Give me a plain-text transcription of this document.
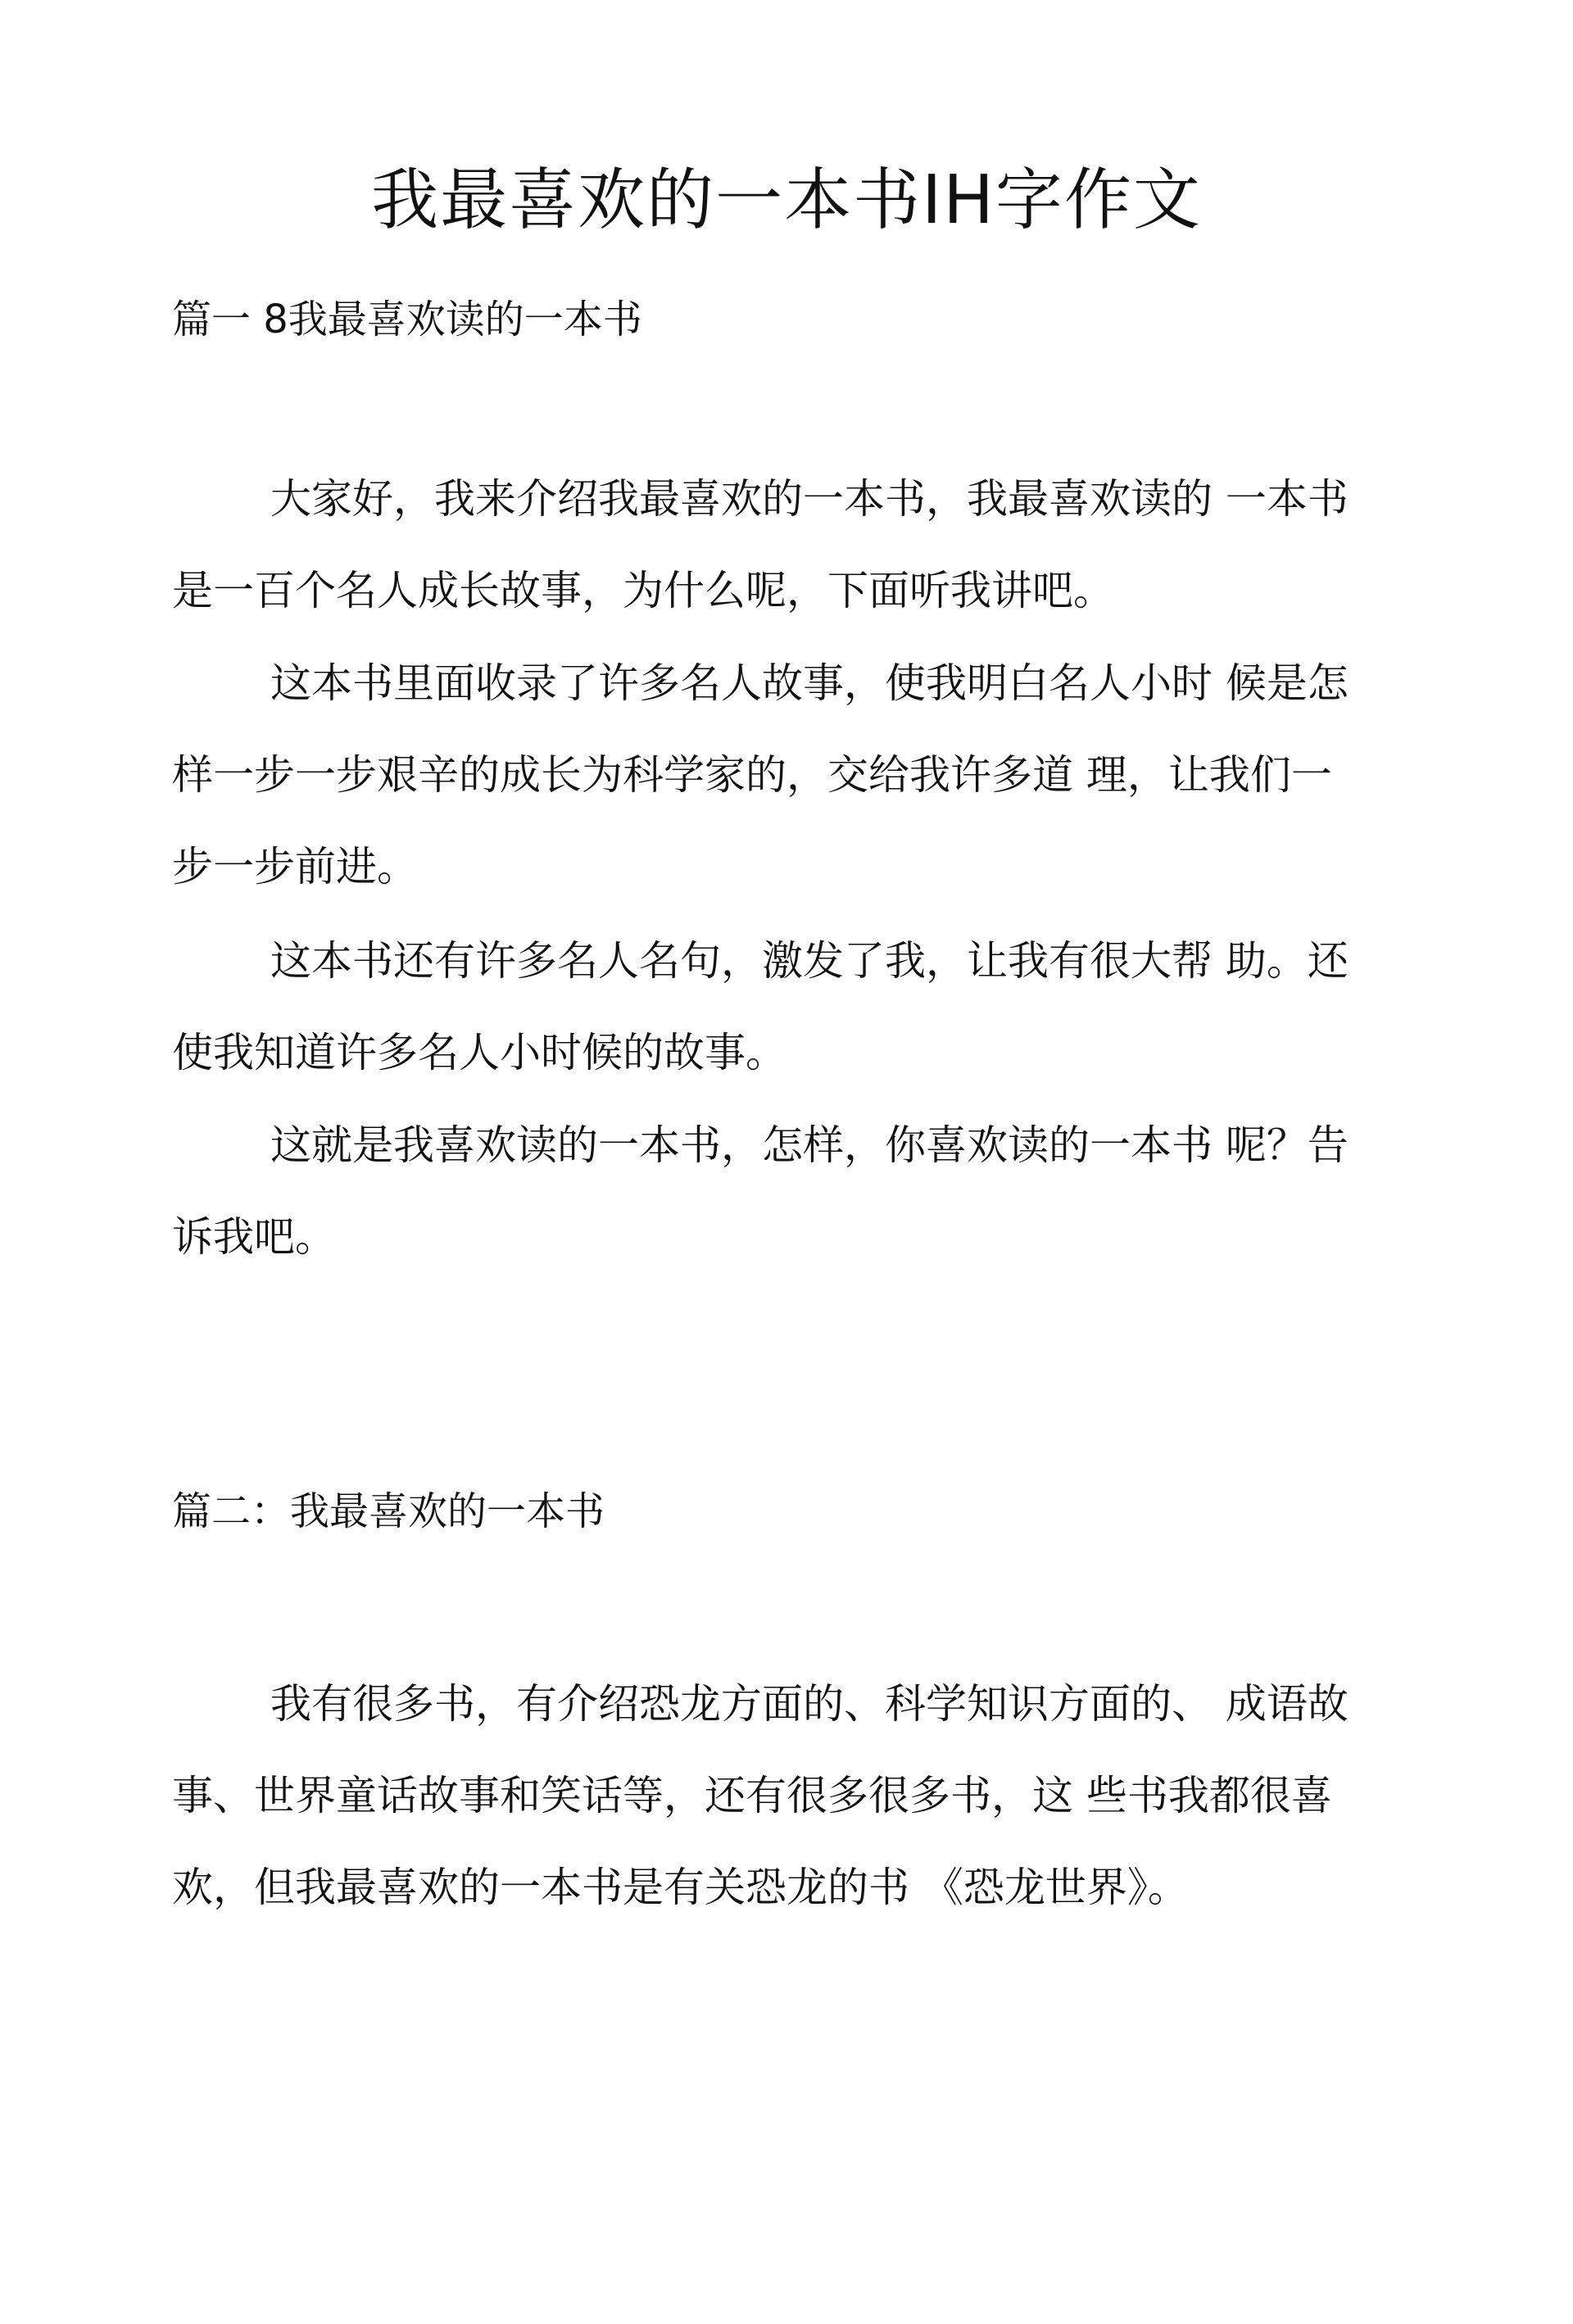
我最喜欢的一本书IH字作文
篇一 8我最喜欢读的一本书
大家好，我来介绍我最喜欢的一本书，我最喜欢读的 一本书
是一百个名人成长故事，为什么呢，下面听我讲吧。
这本书里面收录了许多名人故事，使我明白名人小时 候是怎
样一步一步艰辛的成长为科学家的，交给我许多道 理，让我们一
步一步前进。
这本书还有许多名人名句，激发了我，让我有很大帮 助。还
使我知道许多名人小时候的故事。
这就是我喜欢读的一本书，怎样，你喜欢读的一本书 呢？告
诉我吧。
篇二：我最喜欢的一本书
我有很多书，有介绍恐龙方面的、科学知识方面的、 成语故
事、世界童话故事和笑话等，还有很多很多书，这 些书我都很喜
欢，但我最喜欢的一本书是有关恐龙的书 《恐龙世界》。
